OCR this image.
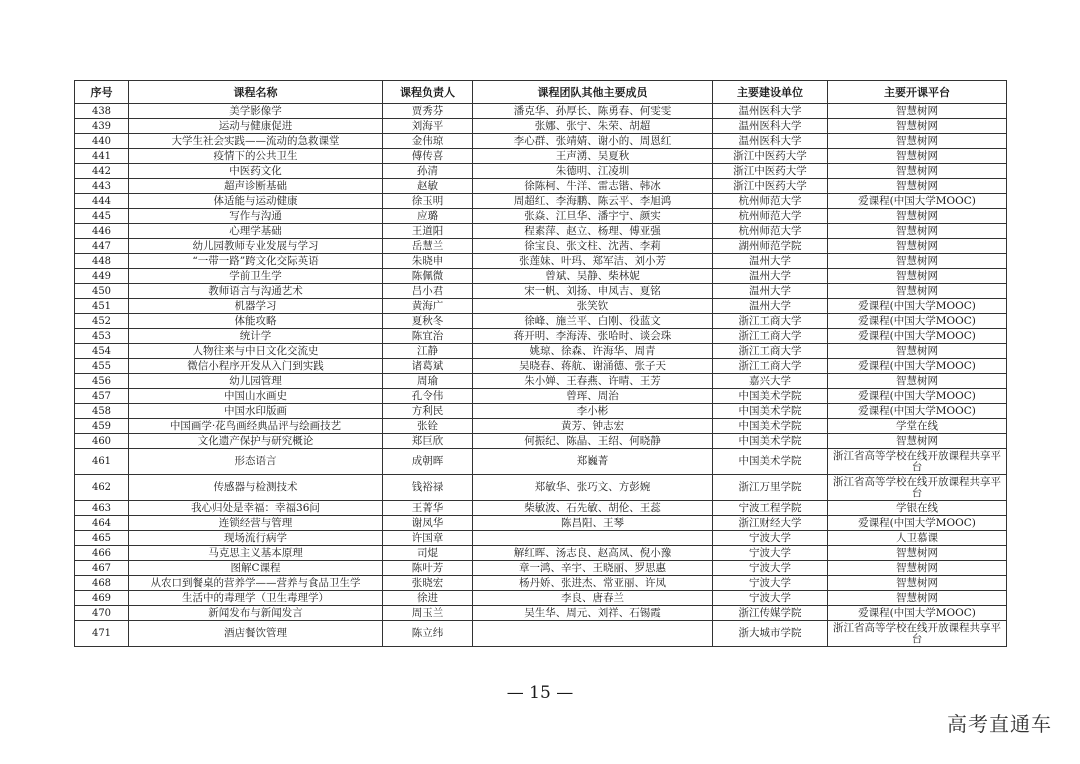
序号	课程名称	课程负责人	课程团队其他主要成员	主要建设单位	主要开课平台
438	美学影像学	贾秀芬	潘克华、孙厚长、陈勇春、何雯雯	温州医科大学	智慧树网
439	运动与健康促进	刘海平	张娜、张宁、朱荣、胡超	温州医科大学	智慧树网
440	大学生社会实践——流动的急救课堂	金伟琼	李心群、张靖婧、谢小的、周恩红	温州医科大学	智慧树网
441	疫情下的公共卫生	傅传喜	王声湧、吴夏秋	浙江中医药大学	智慧树网
442	中医药文化	孙清	朱德明、江凌圳	浙江中医药大学	智慧树网
443	超声诊断基础	赵敏	徐陈柯、牛洋、雷志锴、韩冰	浙江中医药大学	智慧树网
444	体适能与运动健康	徐玉明	周超红、李海鹏、陈云平、李旭鸿	杭州师范大学	爱课程(中国大学MOOC)
445	写作与沟通	应璐	张焱、江旦华、潘宇宁、颜实	杭州师范大学	智慧树网
446	心理学基础	王道阳	程素萍、赵立、杨理、傅亚强	杭州师范大学	智慧树网
447	幼儿园教师专业发展与学习	岳慧兰	徐宝良、张文柱、沈茜、李莉	湖州师范学院	智慧树网
448	“一带一路”跨文化交际英语	朱晓申	张莲妹、叶玛、郑军洁、刘小芳	温州大学	智慧树网
449	学前卫生学	陈佩微	曾斌、吴静、柴林妮	温州大学	智慧树网
450	教师语言与沟通艺术	吕小君	宋一帆、刘扬、申凤吉、夏铭	温州大学	智慧树网
451	机器学习	黄海广	张笑钦	温州大学	爱课程(中国大学MOOC)
452	体能攻略	夏秋冬	徐峰、施兰平、白刚、役蓝文	浙江工商大学	爱课程(中国大学MOOC)
453	统计学	陈宜治	蒋开明、李海涛、张哈时、谈会珠	浙江工商大学	爱课程(中国大学MOOC)
454	人物往来与中日文化交流史	江静	姚琼、徐森、许海华、周青	浙江工商大学	智慧树网
455	微信小程序开发从入门到实践	诸葛斌	吴晓春、蒋航、谢涌德、张子天	浙江工商大学	爱课程(中国大学MOOC)
456	幼儿园管理	周瑜	朱小婵、王春燕、许晴、王芳	嘉兴大学	智慧树网
457	中国山水画史	孔令伟	曾珲、周治	中国美术学院	爱课程(中国大学MOOC)
458	中国水印版画	方利民	李小彬	中国美术学院	爱课程(中国大学MOOC)
459	中国画学·花鸟画经典品评与绘画技艺	张铨	黄芳、钟志宏	中国美术学院	学堂在线
460	文化遗产保护与研究概论	郑巨欣	何振纪、陈晶、王绍、何晓静	中国美术学院	智慧树网
461	形态语言	成朝晖	郑巍菁	中国美术学院	浙江省高等学校在线开放课程共享平台
462	传感器与检测技术	钱裕禄	郑敏华、张巧文、方彭婉	浙江万里学院	浙江省高等学校在线开放课程共享平台
463	我心归处是幸福：幸福36问	王菁华	柴敏波、石先敏、胡伦、王蕊	宁波工程学院	学银在线
464	连锁经营与管理	谢凤华	陈昌阳、王琴	浙江财经大学	爱课程(中国大学MOOC)
465	现场流行病学	许国章		宁波大学	人卫慕课
466	马克思主义基本原理	司焜	解红晖、汤志良、赵高凤、倪小豫	宁波大学	智慧树网
467	图解C课程	陈叶芳	章一鸿、辛宇、王晓丽、罗思惠	宁波大学	智慧树网
468	从农口到餐桌的营养学——营养与食品卫生学	张晓宏	杨丹娇、张进杰、常亚丽、许凤	宁波大学	智慧树网
469	生活中的毒理学（卫生毒理学）	徐进	李良、唐春兰	宁波大学	智慧树网
470	新闻发布与新闻发言	周玉兰	吴生华、周元、刘祥、石锡霞	浙江传媒学院	爱课程(中国大学MOOC)
471	酒店餐饮管理	陈立纬		浙大城市学院	浙江省高等学校在线开放课程共享平台
— 15 —
高考直通车
